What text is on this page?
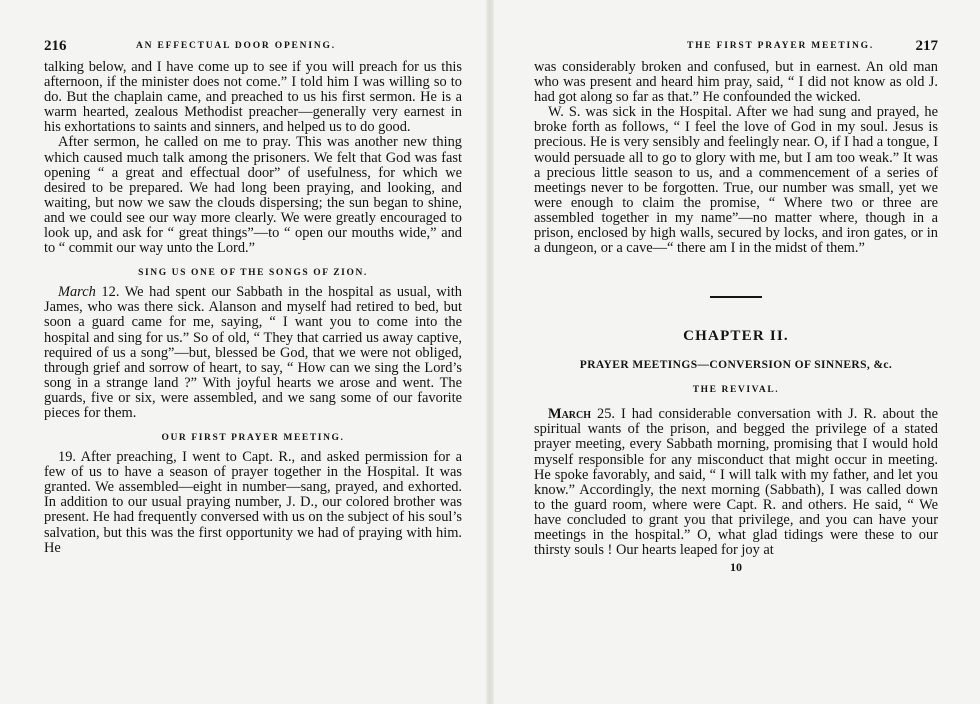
216	AN EFFECTUAL DOOR OPENING.

talking below, and I have come up to see if you will preach for us this afternoon, if the minister does not come.” I told him I was willing so to do. But the chaplain came, and preached to us his first sermon. He is a warm hearted, zealous Methodist preacher—generally very earnest in his exhortations to saints and sinners, and helped us to do good.

After sermon, he called on me to pray. This was another new thing which caused much talk among the prisoners. We felt that God was fast opening “ a great and effectual door” of usefulness, for which we desired to be prepared. We had long been praying, and looking, and waiting, but now we saw the clouds dispersing; the sun began to shine, and we could see our way more clearly. We were greatly encouraged to look up, and ask for “ great things”—to “ open our mouths wide,” and to “ commit our way unto the Lord.”

SING US ONE OF THE SONGS OF ZION.

March 12. We had spent our Sabbath in the hospital as usual, with James, who was there sick. Alanson and myself had retired to bed, but soon a guard came for me, saying, “ I want you to come into the hospital and sing for us.” So of old, “ They that carried us away captive, required of us a song”—but, blessed be God, that we were not obliged, through grief and sorrow of heart, to say, “ How can we sing the Lord’s song in a strange land ?” With joyful hearts we arose and went. The guards, five or six, were assembled, and we sang some of our favorite pieces for them.

OUR FIRST PRAYER MEETING.

19. After preaching, I went to Capt. R., and asked permission for a few of us to have a season of prayer together in the Hospital. It was granted. We assembled—eight in number—sang, prayed, and exhorted. In addition to our usual praying number, J. D., our colored brother was present. He had frequently conversed with us on the subject of his soul’s salvation, but this was the first opportunity we had of praying with him. He

THE FIRST PRAYER MEETING.	217

was considerably broken and confused, but in earnest. An old man who was present and heard him pray, said, “ I did not know as old J. had got along so far as that.” He confounded the wicked.

W. S. was sick in the Hospital. After we had sung and prayed, he broke forth as follows, “ I feel the love of God in my soul. Jesus is precious. He is very sensibly and feelingly near. O, if I had a tongue, I would persuade all to go to glory with me, but I am too weak.” It was a precious little season to us, and a commencement of a series of meetings never to be forgotten. True, our number was small, yet we were enough to claim the promise, “ Where two or three are assembled together in my name”—no matter where, though in a prison, enclosed by high walls, secured by locks, and iron gates, or in a dungeon, or a cave—“ there am I in the midst of them.”

CHAPTER II.
PRAYER MEETINGS—CONVERSION OF SINNERS, &c.
THE REVIVAL.

March 25. I had considerable conversation with J. R. about the spiritual wants of the prison, and begged the privilege of a stated prayer meeting, every Sabbath morning, promising that I would hold myself responsible for any misconduct that might occur in meeting. He spoke favorably, and said, “ I will talk with my father, and let you know.” Accordingly, the next morning (Sabbath), I was called down to the guard room, where were Capt. R. and others. He said, “ We have concluded to grant you that privilege, and you can have your meetings in the hospital.” O, what glad tidings were these to our thirsty souls ! Our hearts leaped for joy at

10
